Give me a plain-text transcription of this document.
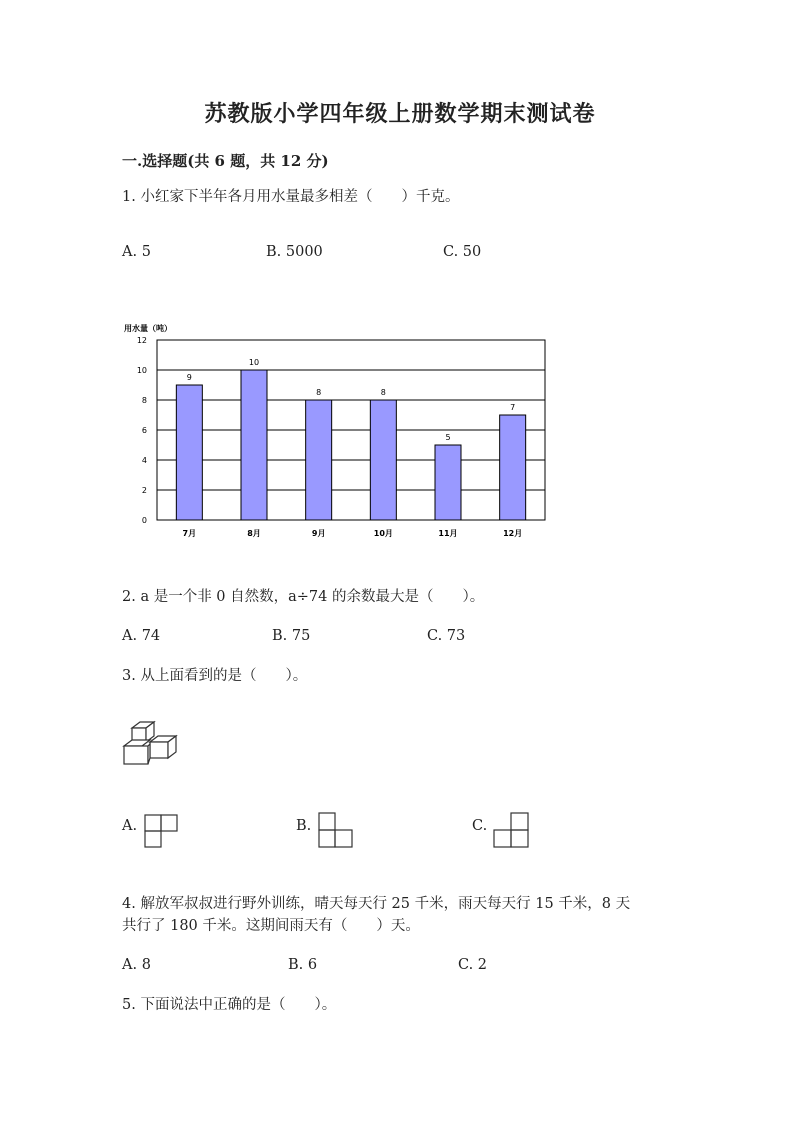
苏教版小学四年级上册数学期末测试卷
一.选择题(共 6 题，共 12 分)
1. 小红家下半年各月用水量最多相差（　　）千克。
A. 5	B. 5000	C. 50
用水量（吨）
0
2
4
6
8
10
12
9
7月
10
8月
8
9月
8
10月
5
11月
7
12月
2. a 是一个非 0 自然数，a÷74 的余数最大是（　　）。
A. 74	B. 75	C. 73
3. 从上面看到的是（　　）。
A.	B.	C.
4. 解放军叔叔进行野外训练，晴天每天行 25 千米，雨天每天行 15 千米，8 天
共行了 180 千米。这期间雨天有（　　）天。
A. 8	B. 6	C. 2
5. 下面说法中正确的是（　　）。
